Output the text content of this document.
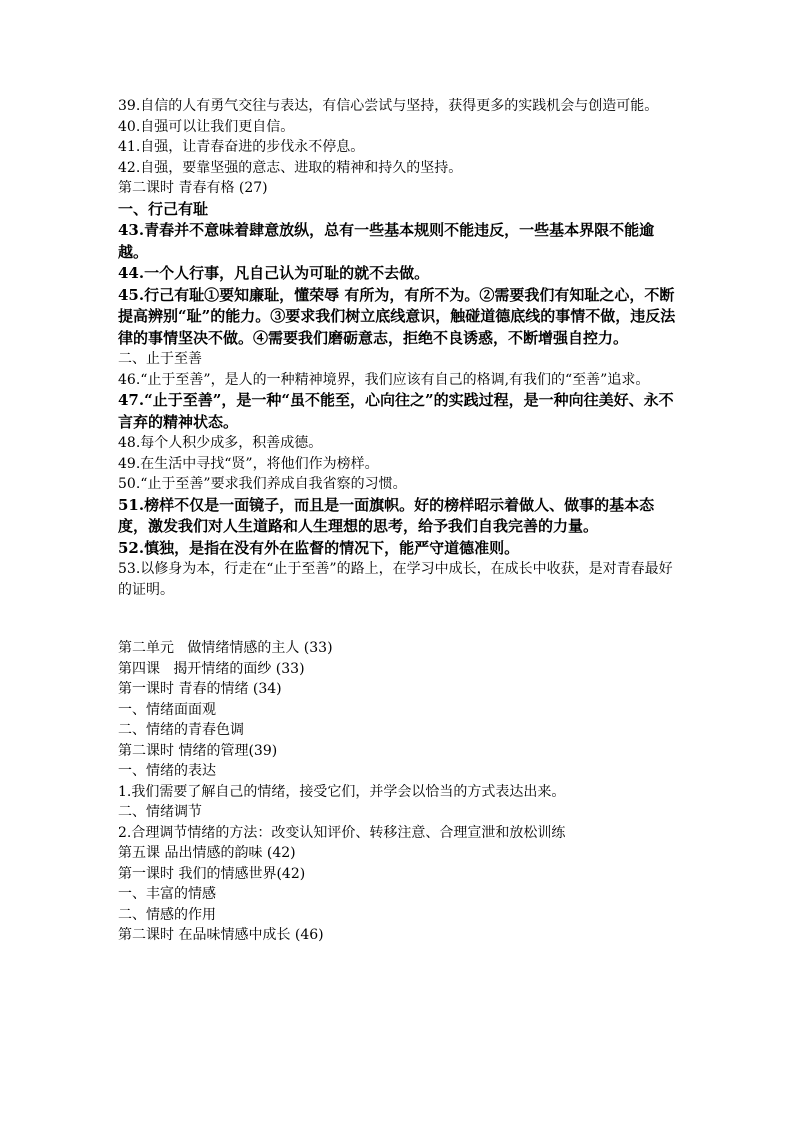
39.自信的人有勇气交往与表达，有信心尝试与坚持，获得更多的实践机会与创造可能。
40.自强可以让我们更自信。
41.自强，让青春奋进的步伐永不停息。
42.自强，要靠坚强的意志、进取的精神和持久的坚持。
第二课时 青春有格 (27)
一、行己有耻
43.青春并不意味着肆意放纵，总有一些基本规则不能违反，一些基本界限不能逾越。
44.一个人行事，凡自己认为可耻的就不去做。
45.行己有耻①要知廉耻，懂荣辱 有所为，有所不为。②需要我们有知耻之心，不断提高辨别“耻”的能力。③要求我们树立底线意识，触碰道德底线的事情不做，违反法律的事情坚决不做。④需要我们磨砺意志，拒绝不良诱惑，不断增强自控力。
二、止于至善
46.“止于至善”，是人的一种精神境界，我们应该有自己的格调,有我们的“至善”追求。
47.“止于至善”，是一种“虽不能至，心向往之”的实践过程，是一种向往美好、永不言弃的精神状态。
48.每个人积少成多，积善成德。
49.在生活中寻找“贤”，将他们作为榜样。
50.“止于至善”要求我们养成自我省察的习惯。
51.榜样不仅是一面镜子，而且是一面旗帜。好的榜样昭示着做人、做事的基本态度，激发我们对人生道路和人生理想的思考，给予我们自我完善的力量。
52.慎独，是指在没有外在监督的情况下，能严守道德准则。
53.以修身为本，行走在“止于至善”的路上，在学习中成长，在成长中收获，是对青春最好的证明。
第二单元   做情绪情感的主人 (33)
第四课   揭开情绪的面纱 (33)
第一课时 青春的情绪 (34)
一、情绪面面观
二、情绪的青春色调
第二课时 情绪的管理(39)
一、情绪的表达
1.我们需要了解自己的情绪，接受它们，并学会以恰当的方式表达出来。
二、情绪调节
2.合理调节情绪的方法：改变认知评价、转移注意、合理宣泄和放松训练
第五课 品出情感的韵味 (42)
第一课时 我们的情感世界(42)
一、丰富的情感
二、情感的作用
第二课时 在品味情感中成长 (46)
